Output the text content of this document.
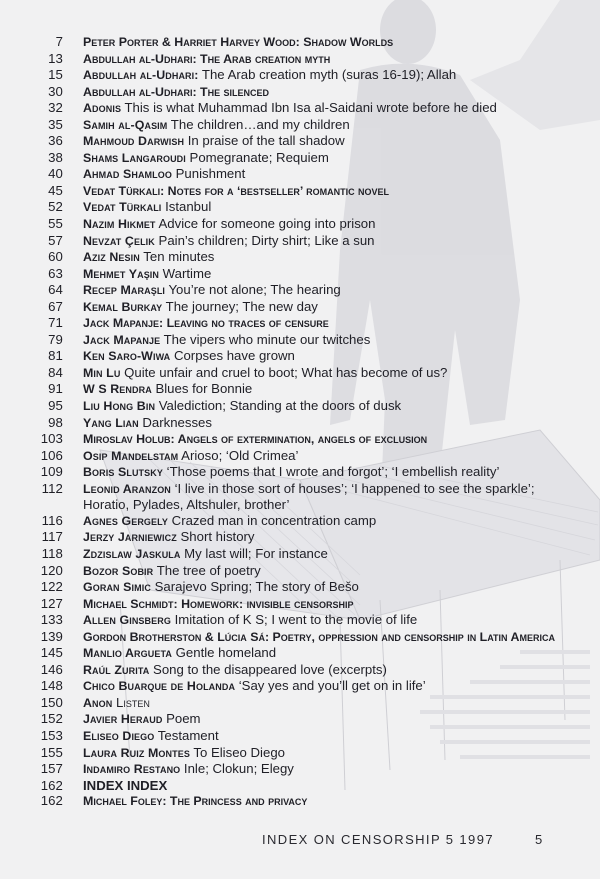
7	Peter Porter & Harriet Harvey Wood: Shadow Worlds
13	Abdullah al-Udhari: The Arab creation myth
15	Abdullah al-Udhari: The Arab creation myth (suras 16-19); Allah
30	Abdullah al-Udhari: The silenced
32	Adonis This is what Muhammad Ibn Isa al-Saidani wrote before he died
35	Samih al-Qasim The children…and my children
36	Mahmoud Darwish In praise of the tall shadow
38	Shams Langaroudi Pomegranate; Requiem
40	Ahmad Shamloo Punishment
45	Vedat Türkali: Notes for a ‘bestseller’ romantic novel
52	Vedat Türkali Istanbul
55	Nazim Hikmet Advice for someone going into prison
57	Nevzat Çelik Pain’s children; Dirty shirt; Like a sun
60	Aziz Nesin Ten minutes
63	Mehmet Yaşin Wartime
64	Recep Maraşli You’re not alone; The hearing
67	Kemal Burkay The journey; The new day
71	Jack Mapanje: Leaving no traces of censure
79	Jack Mapanje The vipers who minute our twitches
81	Ken Saro-Wiwa Corpses have grown
84	Min Lu Quite unfair and cruel to boot; What has become of us?
91	W S Rendra Blues for Bonnie
95	Liu Hong Bin Valediction; Standing at the doors of dusk
98	Yang Lian Darknesses
103	Miroslav Holub: Angels of extermination, angels of exclusion
106	Osip Mandelstam Arioso; ‘Old Crimea’
109	Boris Slutsky ‘Those poems that I wrote and forgot’; ‘I embellish reality’
112	Leonid Aranzon ‘I live in those sort of houses’; ‘I happened to see the sparkle’; Horatio, Pylades, Altshuler, brother’
116	Agnes Gergely Crazed man in concentration camp
117	Jerzy Jarniewicz Short history
118	Zdzislaw Jaskula My last will; For instance
120	Bozor Sobir The tree of poetry
122	Goran Simic Sarajevo Spring; The story of Bešo
127	Michael Schmidt: Homework: invisible censorship
133	Allen Ginsberg Imitation of K S; I went to the movie of life
139	Gordon Brotherston & Lúcia Sá: Poetry, oppression and censorship in Latin America
145	Manlio Argueta Gentle homeland
146	Raúl Zurita Song to the disappeared love (excerpts)
148	Chico Buarque de Holanda ‘Say yes and you’ll get on in life’
150	Anon Listen
152	Javier Heraud Poem
153	Eliseo Diego Testament
155	Laura Ruiz Montes To Eliseo Diego
157	Indamiro Restano Inle; Clokun; Elegy
162	INDEX INDEX
162	Michael Foley: The Princess and privacy
INDEX ON CENSORSHIP 5 1997	5
